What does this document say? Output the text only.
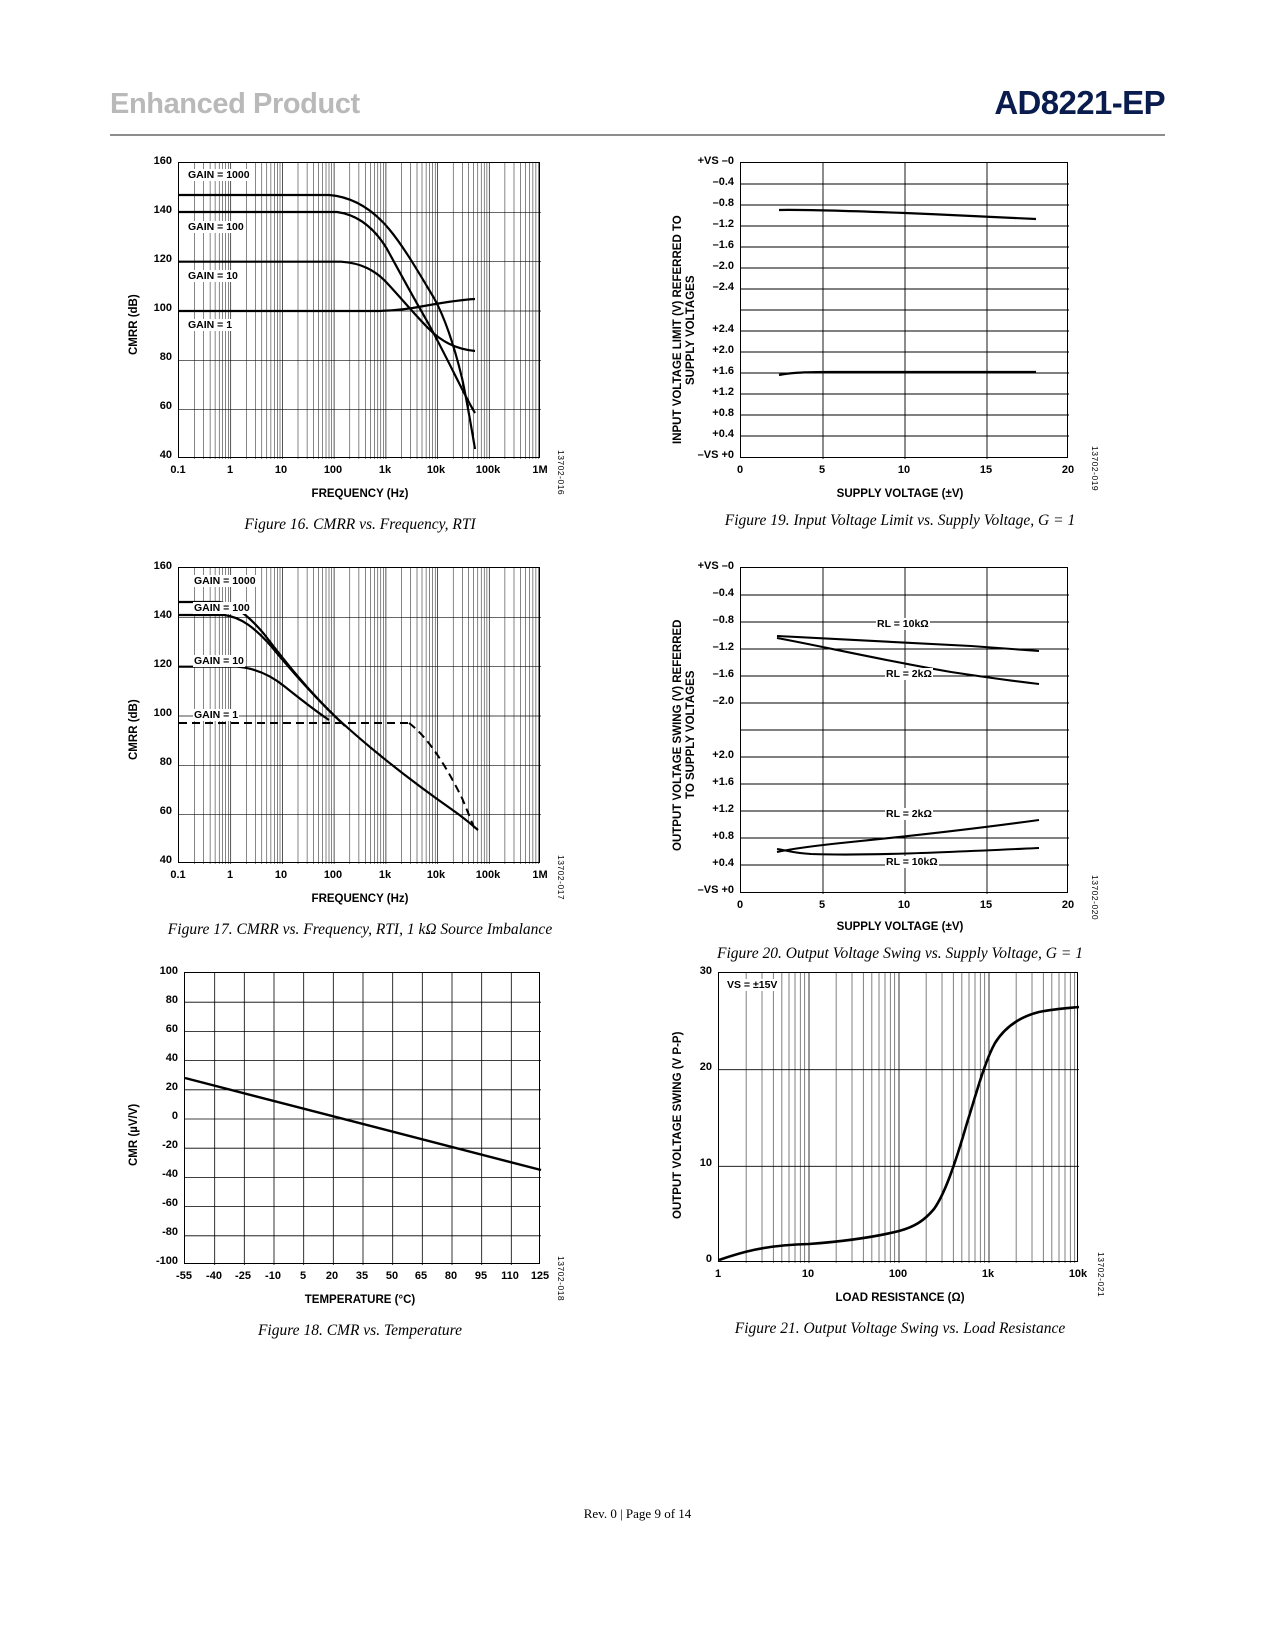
Enhanced Product	AD8221-EP
CMRR (dB)
160
140
120
100
80
60
40
GAIN = 1000
GAIN = 100
GAIN = 10
GAIN = 1
0.1	1	10	100	1k	10k	100k	1M
FREQUENCY (Hz)	13702-016
Figure 16. CMRR vs. Frequency, RTI
CMRR (dB)
160
140
120
100
80
60
40
GAIN = 1000
GAIN = 100
GAIN = 10
GAIN = 1
0.1	1	10	100	1k	10k	100k	1M
FREQUENCY (Hz)	13702-017
Figure 17. CMRR vs. Frequency, RTI, 1 kΩ Source Imbalance
CMR (µV/V)
100
80
60
40
20
0
-20
-40
-60
-80
-100
-55	-40	-25	-10	5	20	35	50	65	80	95	110	125
TEMPERATURE (°C)	13702-018
Figure 18. CMR vs. Temperature
INPUT VOLTAGE LIMIT (V) REFERRED TO SUPPLY VOLTAGES
+VS –0
–0.4
–0.8
–1.2
–1.6
–2.0
–2.4
+2.4
+2.0
+1.6
+1.2
+0.8
+0.4
–VS +0
0	5	10	15	20
SUPPLY VOLTAGE (±V)
13702-019
Figure 19. Input Voltage Limit vs. Supply Voltage, G = 1
OUTPUT VOLTAGE SWING (V) REFERRED TO SUPPLY VOLTAGES
+VS –0
–0.4
–0.8
–1.2
–1.6
–2.0
+2.0
+1.6
+1.2
+0.8
+0.4
–VS +0
RL = 10kΩ
RL = 2kΩ
RL = 2kΩ
RL = 10kΩ
0	5	10	15	20
SUPPLY VOLTAGE (±V)
13702-020
Figure 20. Output Voltage Swing vs. Supply Voltage, G = 1
OUTPUT VOLTAGE SWING (V P-P)
30
20
10
0
VS = ±15V
1	10	100	1k	10k
LOAD RESISTANCE (Ω)
13702-021
Figure 21. Output Voltage Swing vs. Load Resistance
Rev. 0 | Page 9 of 14
